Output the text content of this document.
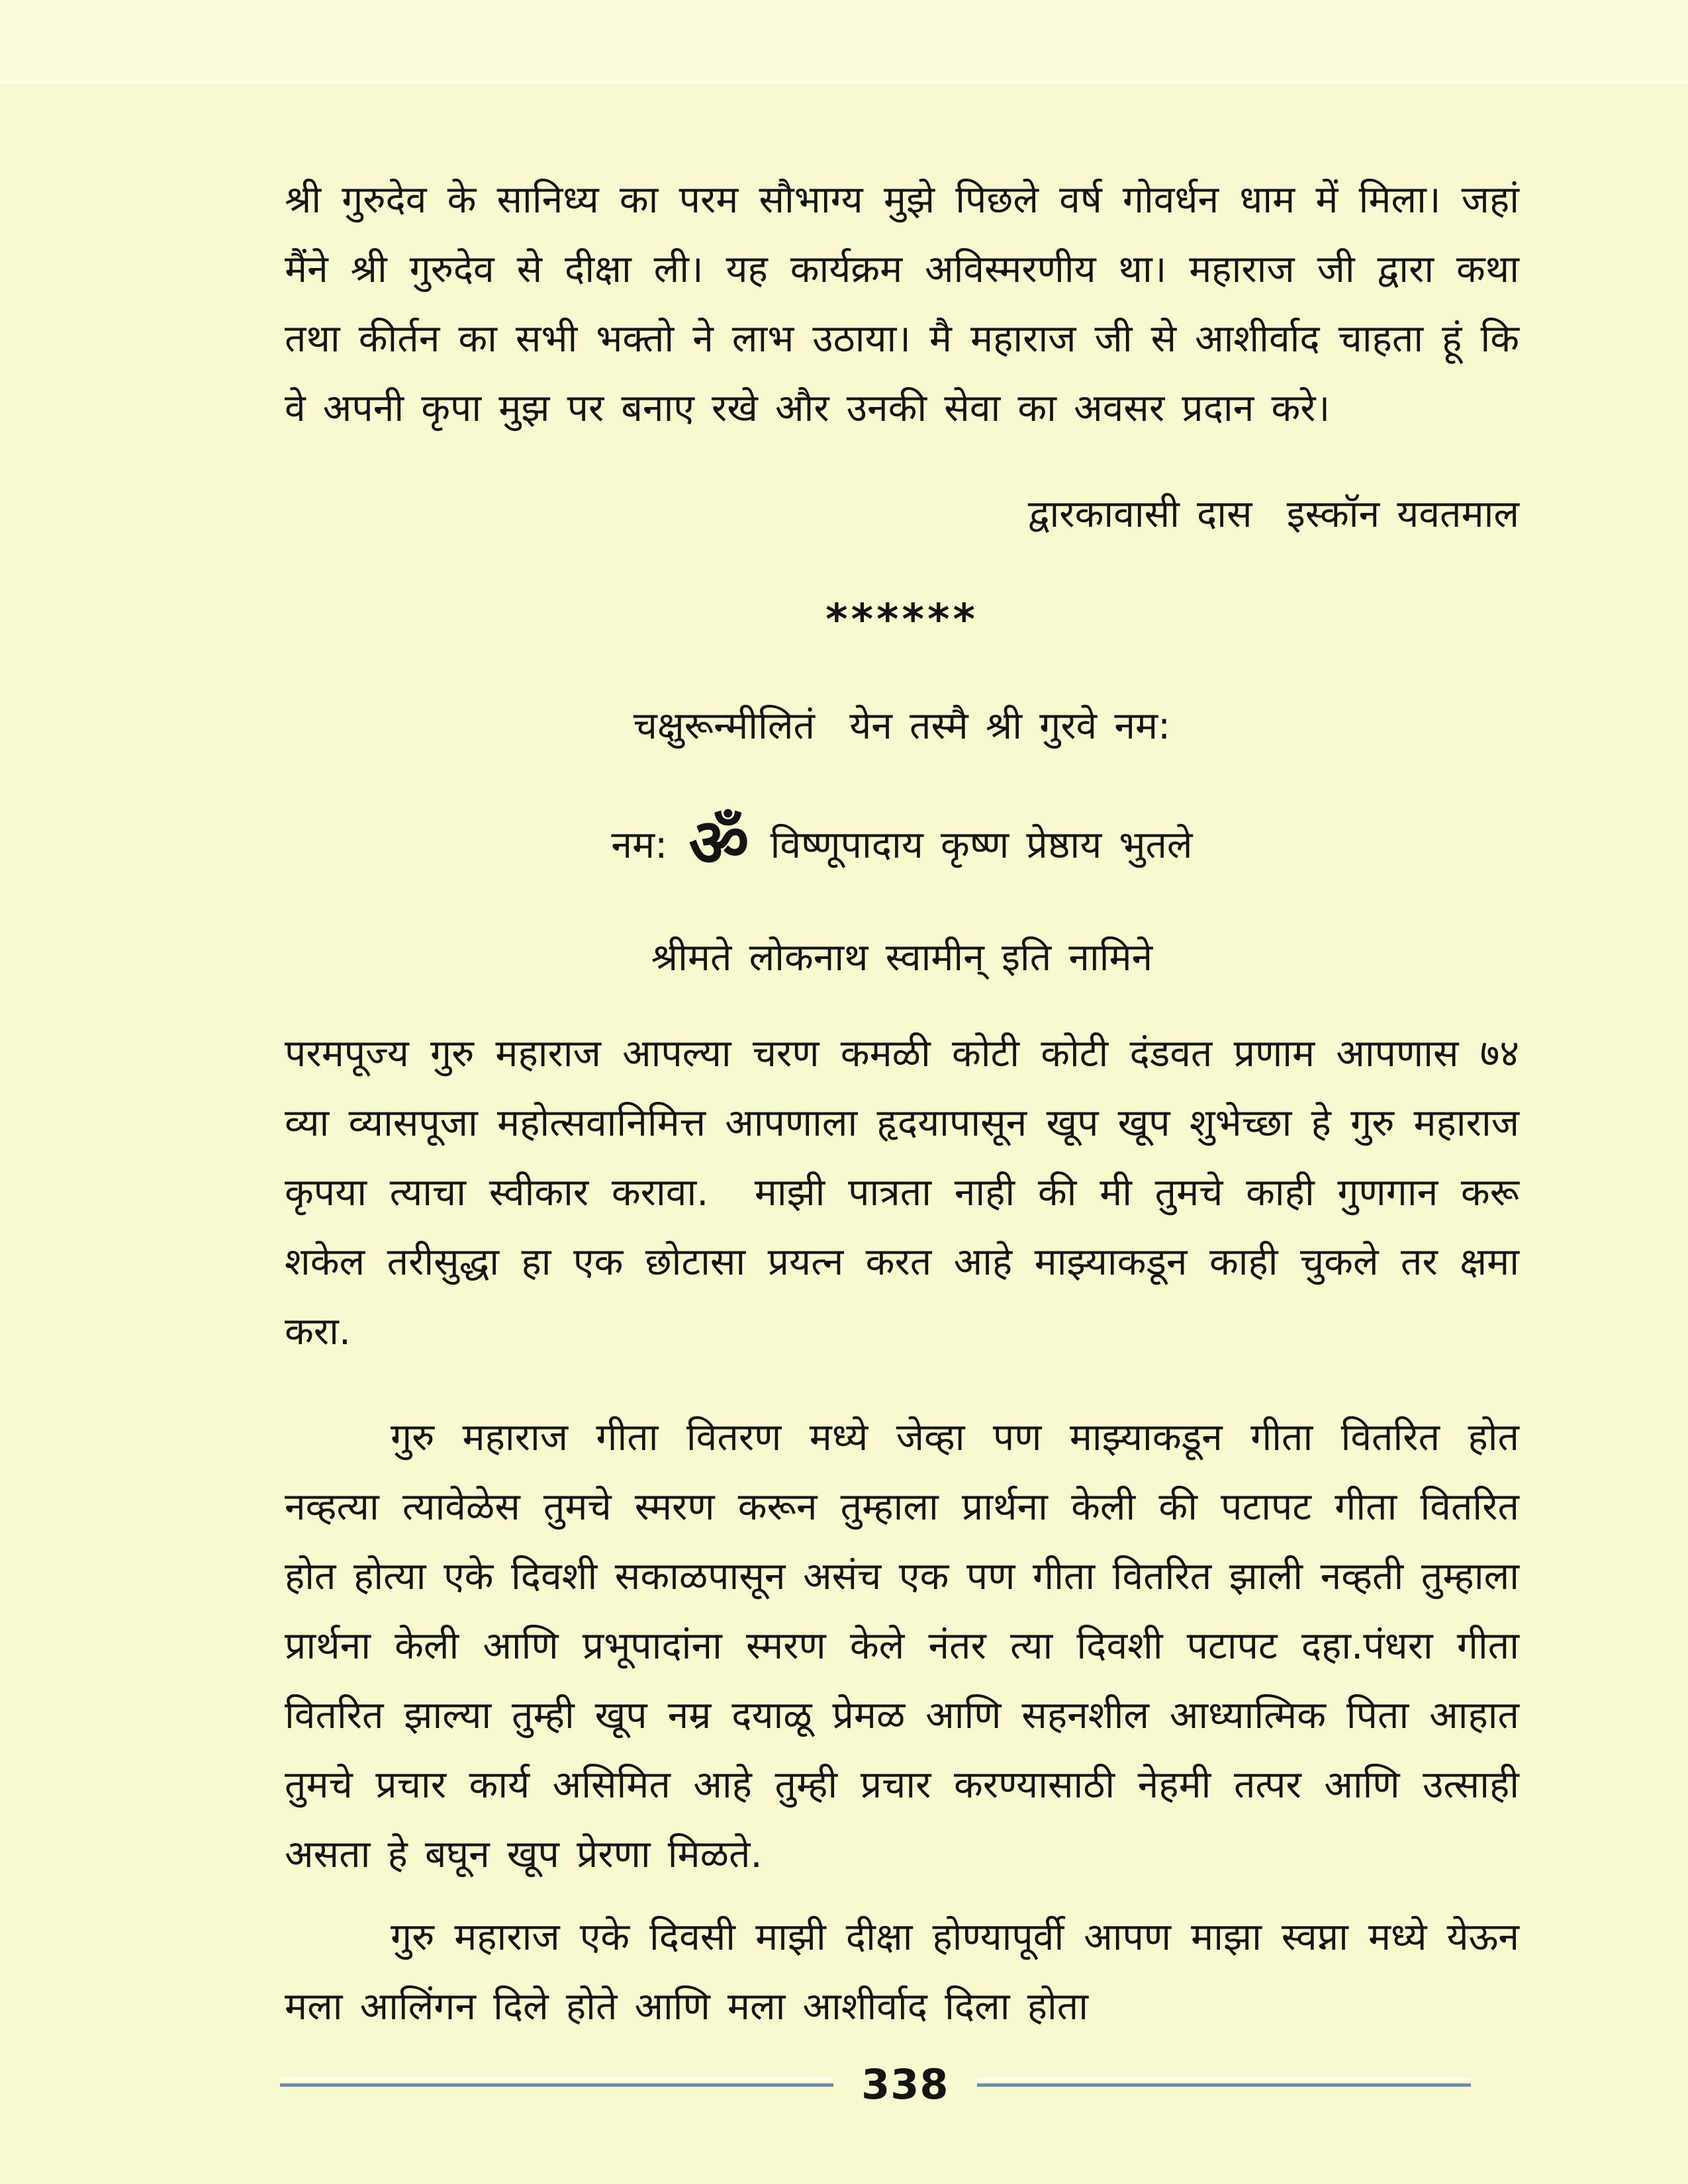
श्री गुरुदेव के सानिध्य का परम सौभाग्य मुझे पिछले वर्ष गोवर्धन धाम में मिला। जहां मैंने श्री गुरुदेव से दीक्षा ली। यह कार्यक्रम अविस्मरणीय था। महाराज जी द्वारा कथा तथा कीर्तन का सभी भक्तो ने लाभ उठाया। मै महाराज जी से आशीर्वाद चाहता हूं कि वे अपनी कृपा मुझ पर बनाए रखे और उनकी सेवा का अवसर प्रदान करे।

द्वारकावासी दास  इस्कॉन यवतमाल

******

चक्षुरून्मीलितं  येन तस्मै श्री गुरवे नम:

नम: ॐ विष्णूपादाय कृष्ण प्रेष्ठाय भुतले

श्रीमते लोकनाथ स्वामीन् इति नामिने

परमपूज्य गुरु महाराज आपल्या चरण कमळी कोटी कोटी दंडवत प्रणाम आपणास ७४ व्या व्यासपूजा महोत्सवानिमित्त आपणाला हृदयापासून खूप खूप शुभेच्छा हे गुरु महाराज कृपया त्याचा स्वीकार करावा.  माझी पात्रता नाही की मी तुमचे काही गुणगान करू शकेल तरीसुद्धा हा एक छोटासा प्रयत्न करत आहे माझ्याकडून काही चुकले तर क्षमा करा.

गुरु महाराज गीता वितरण मध्ये जेव्हा पण माझ्याकडून गीता वितरित होत नव्हत्या त्यावेळेस तुमचे स्मरण करून तुम्हाला प्रार्थना केली की पटापट गीता वितरित होत होत्या एके दिवशी सकाळपासून असंच एक पण गीता वितरित झाली नव्हती तुम्हाला प्रार्थना केली आणि प्रभूपादांना स्मरण केले नंतर त्या दिवशी पटापट दहा.पंधरा गीता वितरित झाल्या तुम्ही खूप नम्र दयाळू प्रेमळ आणि सहनशील आध्यात्मिक पिता आहात तुमचे प्रचार कार्य असिमित आहे तुम्ही प्रचार करण्यासाठी नेहमी तत्पर आणि उत्साही असता हे बघून खूप प्रेरणा मिळते.

गुरु महाराज एके दिवसी माझी दीक्षा होण्यापूर्वी आपण माझा स्वप्ना मध्ये येऊन मला आलिंगन दिले होते आणि मला आशीर्वाद दिला होता

338
